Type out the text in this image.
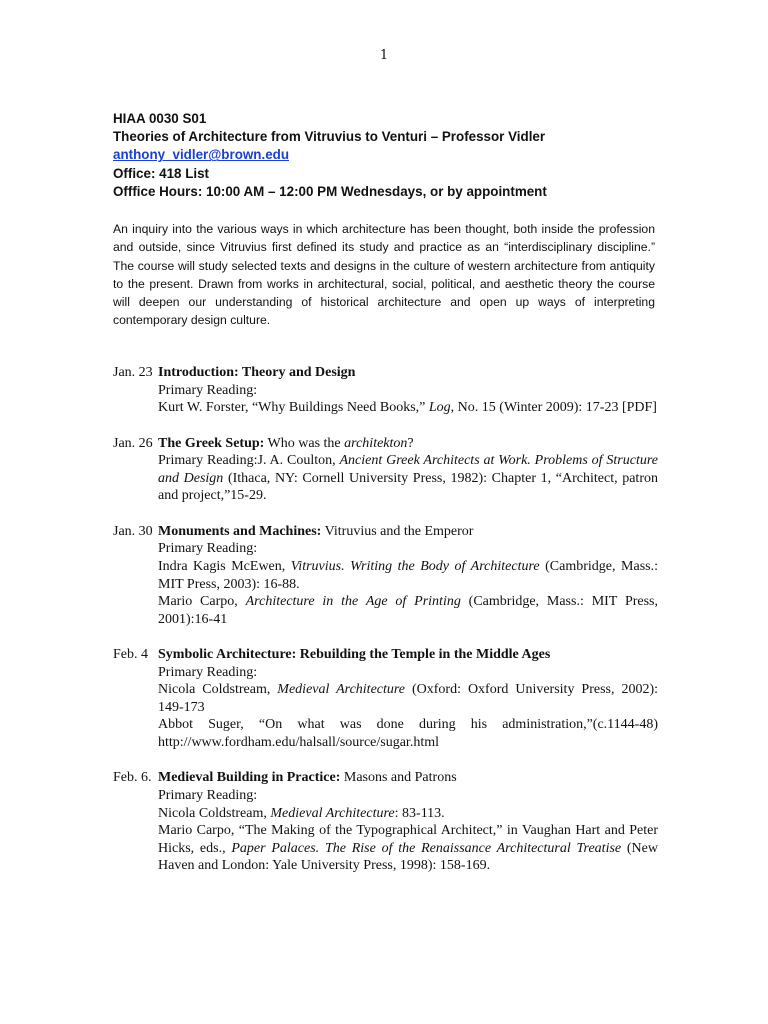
1
HIAA 0030 S01
Theories of Architecture from Vitruvius to Venturi – Professor Vidler
anthony_vidler@brown.edu
Office: 418 List
Offfice Hours: 10:00 AM – 12:00 PM Wednesdays, or by appointment

An inquiry into the various ways in which architecture has been thought, both inside the profession and outside, since Vitruvius first defined its study and practice as an “interdisciplinary discipline.” The course will study selected texts and designs in the culture of western architecture from antiquity to the present. Drawn from works in architectural, social, political, and aesthetic theory the course will deepen our understanding of historical architecture and open up ways of interpreting contemporary design culture.

Jan. 23 Introduction: Theory and Design
Primary Reading:
Kurt W. Forster, “Why Buildings Need Books,” Log, No. 15 (Winter 2009): 17-23 [PDF]
Jan. 26 The Greek Setup: Who was the architekton?
Primary Reading:J. A. Coulton, Ancient Greek Architects at Work. Problems of Structure and Design (Ithaca, NY: Cornell University Press, 1982): Chapter 1, “Architect, patron and project,”15-29.
Jan. 30 Monuments and Machines: Vitruvius and the Emperor
Primary Reading:
Indra Kagis McEwen, Vitruvius. Writing the Body of Architecture (Cambridge, Mass.: MIT Press, 2003): 16-88.
Mario Carpo, Architecture in the Age of Printing (Cambridge, Mass.: MIT Press, 2001):16-41
Feb. 4 Symbolic Architecture: Rebuilding the Temple in the Middle Ages
Primary Reading:
Nicola Coldstream, Medieval Architecture (Oxford: Oxford University Press, 2002): 149-173
Abbot Suger, “On what was done during his administration,”(c.1144-48) http://www.fordham.edu/halsall/source/sugar.html
Feb. 6. Medieval Building in Practice: Masons and Patrons
Primary Reading:
Nicola Coldstream, Medieval Architecture: 83-113.
Mario Carpo, “The Making of the Typographical Architect,” in Vaughan Hart and Peter Hicks, eds., Paper Palaces. The Rise of the Renaissance Architectural Treatise (New Haven and London: Yale University Press, 1998): 158-169.
